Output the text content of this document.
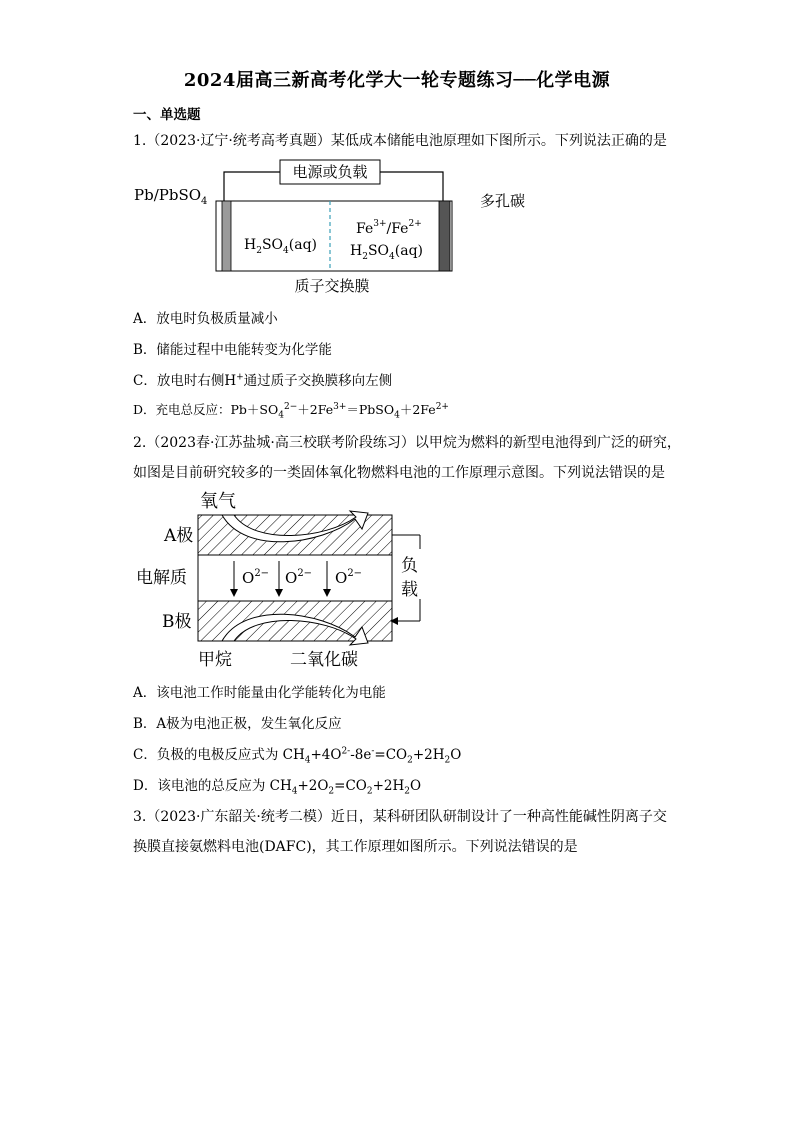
2024届高三新高考化学大一轮专题练习──化学电源
一、单选题
1.（2023·辽宁·统考高考真题）某低成本储能电池原理如下图所示。下列说法正确的是
电源或负载
Pb/PbSO$_4$	多孔碳
$H_2SO_4(aq)$
$Fe^{3+}/Fe^{2+}$
$H_2SO_4(aq)$
质子交换膜
A．放电时负极质量减小
B．储能过程中电能转变为化学能
C．放电时右侧H+通过质子交换膜移向左侧
D．充电总反应：$Pb+SO_4^{2-}+2Fe^{3+}=PbSO_4+2Fe^{2+}$
2.（2023春·江苏盐城·高三校联考阶段练习）以甲烷为燃料的新型电池得到广泛的研究，
如图是目前研究较多的一类固体氧化物燃料电池的工作原理示意图。下列说法错误的是
氧气
A极
电解质	$O^{2-}$ $O^{2-}$ $O^{2-}$
B极
负
载
甲烷	二氧化碳
A．该电池工作时能量由化学能转化为电能
B．A极为电池正极，发生氧化反应
C．负极的电极反应式为 $CH_4+4O^{2-}-8e^-=CO_2+2H_2O$
D．该电池的总反应为 $CH_4+2O_2=CO_2+2H_2O$
3.（2023·广东韶关·统考二模）近日，某科研团队研制设计了一种高性能碱性阴离子交
换膜直接氨燃料电池(DAFC)，其工作原理如图所示。下列说法错误的是
